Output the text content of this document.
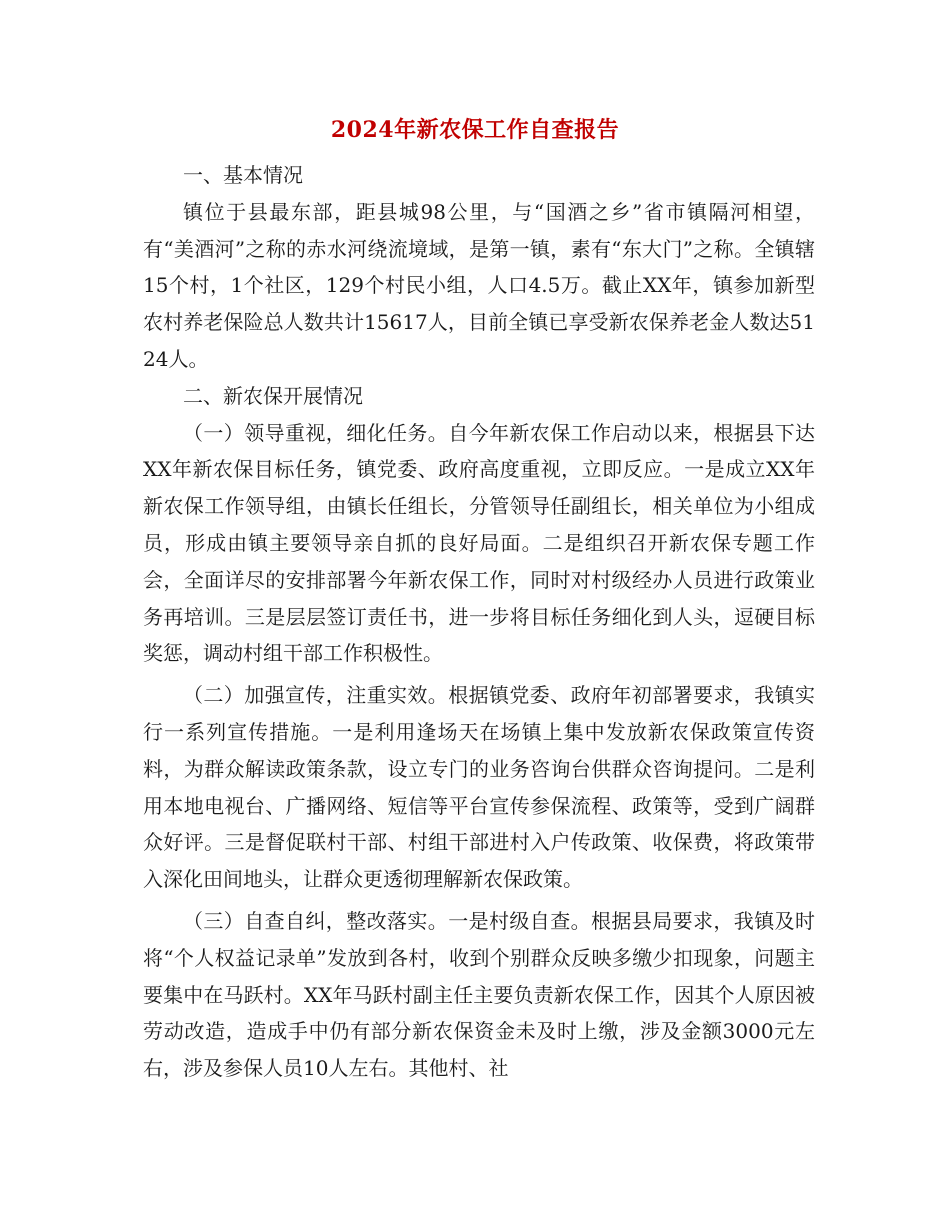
2024年新农保工作自查报告

一、基本情况

镇位于县最东部，距县城98公里，与“国酒之乡”省市镇隔河相望，有“美酒河”之称的赤水河绕流境域，是第一镇，素有“东大门”之称。全镇辖15个村，1个社区，129个村民小组，人口4.5万。截止XX年，镇参加新型农村养老保险总人数共计15617人，目前全镇已享受新农保养老金人数达5124人。

二、新农保开展情况

（一）领导重视，细化任务。自今年新农保工作启动以来，根据县下达XX年新农保目标任务，镇党委、政府高度重视，立即反应。一是成立XX年新农保工作领导组，由镇长任组长，分管领导任副组长，相关单位为小组成员，形成由镇主要领导亲自抓的良好局面。二是组织召开新农保专题工作会，全面详尽的安排部署今年新农保工作，同时对村级经办人员进行政策业务再培训。三是层层签订责任书，进一步将目标任务细化到人头，逗硬目标奖惩，调动村组干部工作积极性。

（二）加强宣传，注重实效。根据镇党委、政府年初部署要求，我镇实行一系列宣传措施。一是利用逢场天在场镇上集中发放新农保政策宣传资料，为群众解读政策条款，设立专门的业务咨询台供群众咨询提问。二是利用本地电视台、广播网络、短信等平台宣传参保流程、政策等，受到广阔群众好评。三是督促联村干部、村组干部进村入户传政策、收保费，将政策带入深化田间地头，让群众更透彻理解新农保政策。

（三）自查自纠，整改落实。一是村级自查。根据县局要求，我镇及时将“个人权益记录单”发放到各村，收到个别群众反映多缴少扣现象，问题主要集中在马跃村。XX年马跃村副主任主要负责新农保工作，因其个人原因被劳动改造，造成手中仍有部分新农保资金未及时上缴，涉及金额3000元左右，涉及参保人员10人左右。其他村、社
